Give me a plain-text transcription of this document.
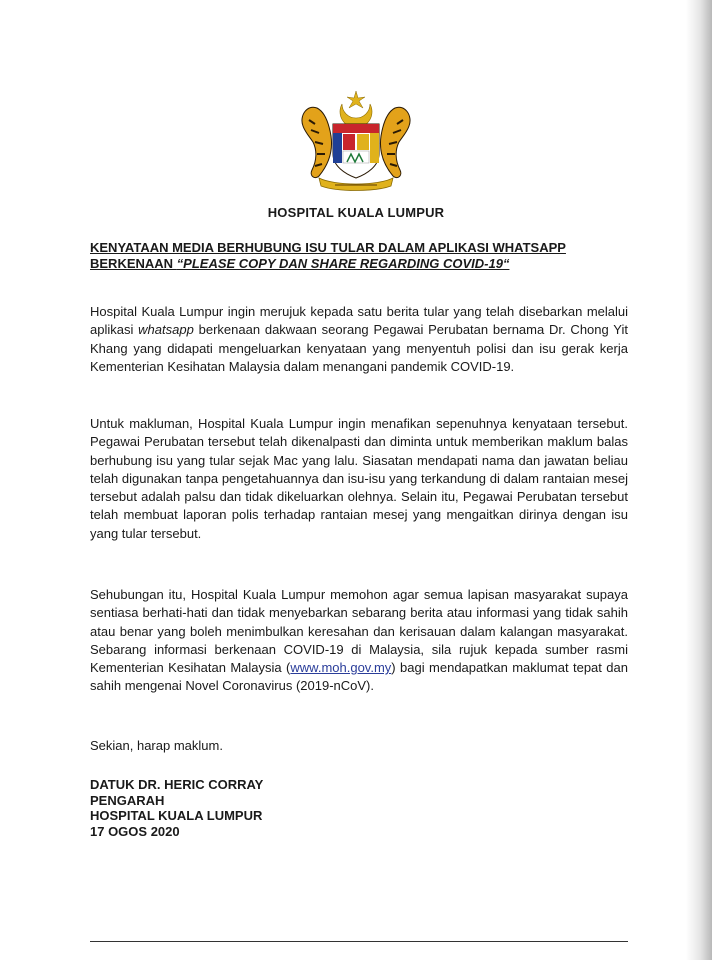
HOSPITAL KUALA LUMPUR
KENYATAAN MEDIA BERHUBUNG ISU TULAR DALAM APLIKASI WHATSAPP
BERKENAAN “PLEASE COPY DAN SHARE REGARDING COVID-19“

Hospital Kuala Lumpur ingin merujuk kepada satu berita tular yang telah disebarkan melalui aplikasi whatsapp berkenaan dakwaan seorang Pegawai Perubatan bernama Dr. Chong Yit Khang yang didapati mengeluarkan kenyataan yang menyentuh polisi dan isu gerak kerja Kementerian Kesihatan Malaysia dalam menangani pandemik COVID-19.

Untuk makluman, Hospital Kuala Lumpur ingin menafikan sepenuhnya kenyataan tersebut. Pegawai Perubatan tersebut telah dikenalpasti dan diminta untuk memberikan maklum balas berhubung isu yang tular sejak Mac yang lalu. Siasatan mendapati nama dan jawatan beliau telah digunakan tanpa pengetahuannya dan isu-isu yang terkandung di dalam rantaian mesej tersebut adalah palsu dan tidak dikeluarkan olehnya. Selain itu, Pegawai Perubatan tersebut telah membuat laporan polis terhadap rantaian mesej yang mengaitkan dirinya dengan isu yang tular tersebut.

Sehubungan itu, Hospital Kuala Lumpur memohon agar semua lapisan masyarakat supaya sentiasa berhati-hati dan tidak menyebarkan sebarang berita atau informasi yang tidak sahih atau benar yang boleh menimbulkan keresahan dan kerisauan dalam kalangan masyarakat. Sebarang informasi berkenaan COVID-19 di Malaysia, sila rujuk kepada sumber rasmi Kementerian Kesihatan Malaysia (www.moh.gov.my) bagi mendapatkan maklumat tepat dan sahih mengenai Novel Coronavirus (2019-nCoV).

Sekian, harap maklum.

DATUK DR. HERIC CORRAY
PENGARAH
HOSPITAL KUALA LUMPUR
17 OGOS 2020
